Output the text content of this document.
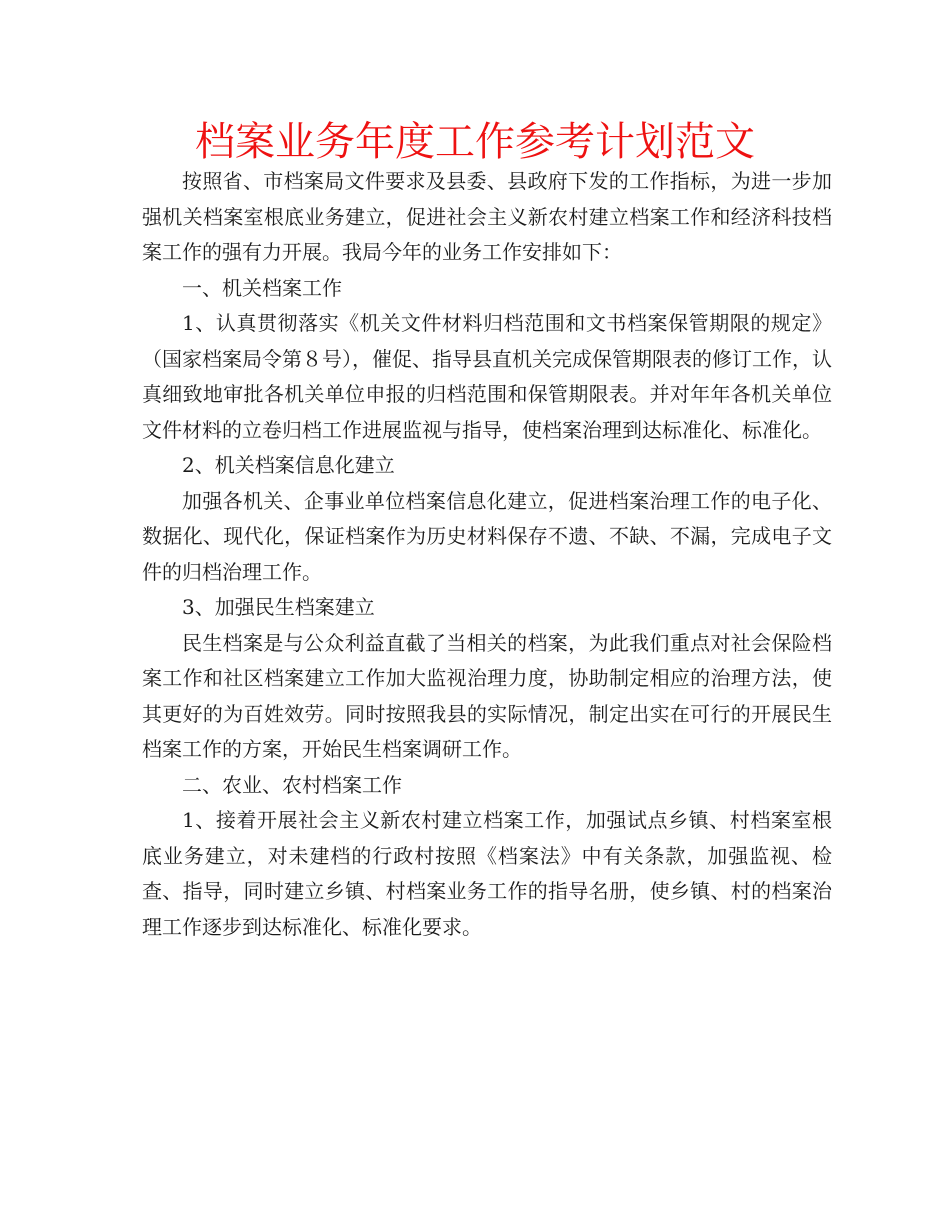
档案业务年度工作参考计划范文

按照省、市档案局文件要求及县委、县政府下发的工作指标，为进一步加强机关档案室根底业务建立，促进社会主义新农村建立档案工作和经济科技档案工作的强有力开展。我局今年的业务工作安排如下：

一、机关档案工作

1、认真贯彻落实《机关文件材料归档范围和文书档案保管期限的规定》（国家档案局令第８号），催促、指导县直机关完成保管期限表的修订工作，认真细致地审批各机关单位申报的归档范围和保管期限表。并对年年各机关单位文件材料的立卷归档工作进展监视与指导，使档案治理到达标准化、标准化。

2、机关档案信息化建立

加强各机关、企事业单位档案信息化建立，促进档案治理工作的电子化、数据化、现代化，保证档案作为历史材料保存不遗、不缺、不漏，完成电子文件的归档治理工作。

3、加强民生档案建立

民生档案是与公众利益直截了当相关的档案，为此我们重点对社会保险档案工作和社区档案建立工作加大监视治理力度，协助制定相应的治理方法，使其更好的为百姓效劳。同时按照我县的实际情况，制定出实在可行的开展民生档案工作的方案，开始民生档案调研工作。

二、农业、农村档案工作

1、接着开展社会主义新农村建立档案工作，加强试点乡镇、村档案室根底业务建立，对未建档的行政村按照《档案法》中有关条款，加强监视、检查、指导，同时建立乡镇、村档案业务工作的指导名册，使乡镇、村的档案治理工作逐步到达标准化、标准化要求。
